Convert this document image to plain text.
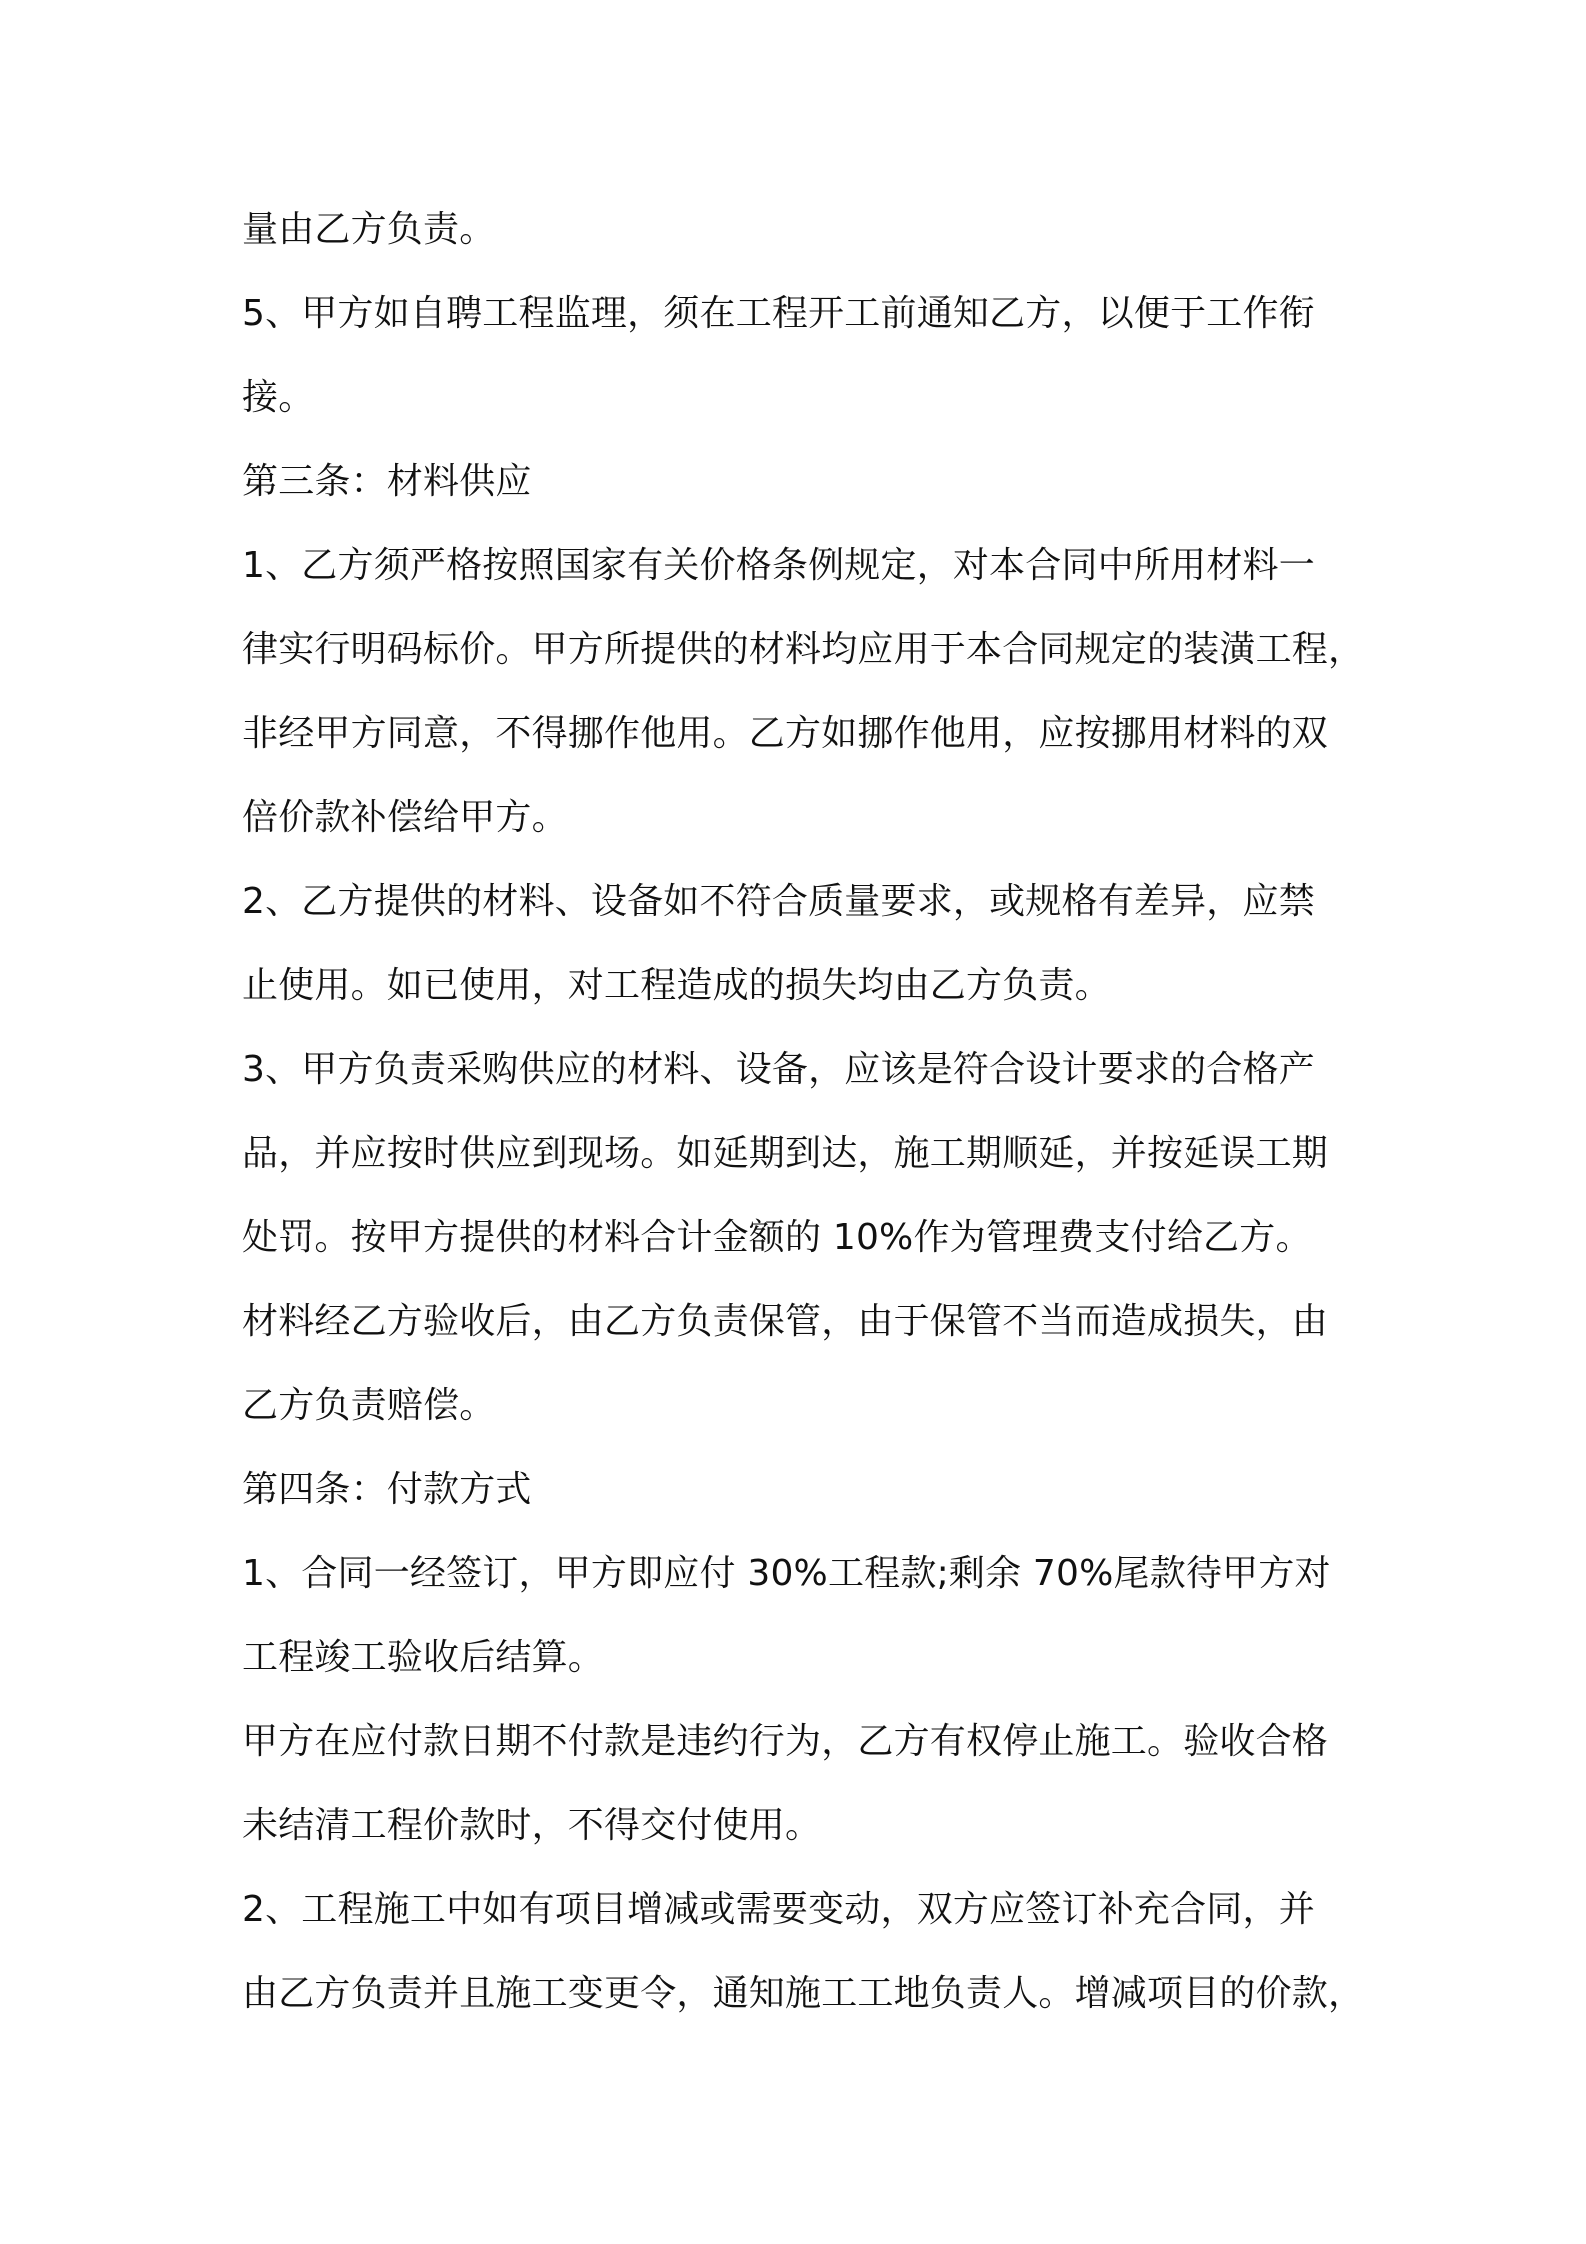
量由乙方负责。

5、甲方如自聘工程监理，须在工程开工前通知乙方，以便于工作衔

接。

第三条：材料供应

1、乙方须严格按照国家有关价格条例规定，对本合同中所用材料一

律实行明码标价。甲方所提供的材料均应用于本合同规定的装潢工程，

非经甲方同意，不得挪作他用。乙方如挪作他用，应按挪用材料的双

倍价款补偿给甲方。

2、乙方提供的材料、设备如不符合质量要求，或规格有差异，应禁

止使用。如已使用，对工程造成的损失均由乙方负责。

3、甲方负责采购供应的材料、设备，应该是符合设计要求的合格产

品，并应按时供应到现场。如延期到达，施工期顺延，并按延误工期

处罚。按甲方提供的材料合计金额的 10%作为管理费支付给乙方。

材料经乙方验收后，由乙方负责保管，由于保管不当而造成损失，由

乙方负责赔偿。

第四条：付款方式

1、合同一经签订，甲方即应付 30%工程款;剩余 70%尾款待甲方对

工程竣工验收后结算。

甲方在应付款日期不付款是违约行为，乙方有权停止施工。验收合格

未结清工程价款时，不得交付使用。

2、工程施工中如有项目增减或需要变动，双方应签订补充合同，并

由乙方负责并且施工变更令，通知施工工地负责人。增减项目的价款，
